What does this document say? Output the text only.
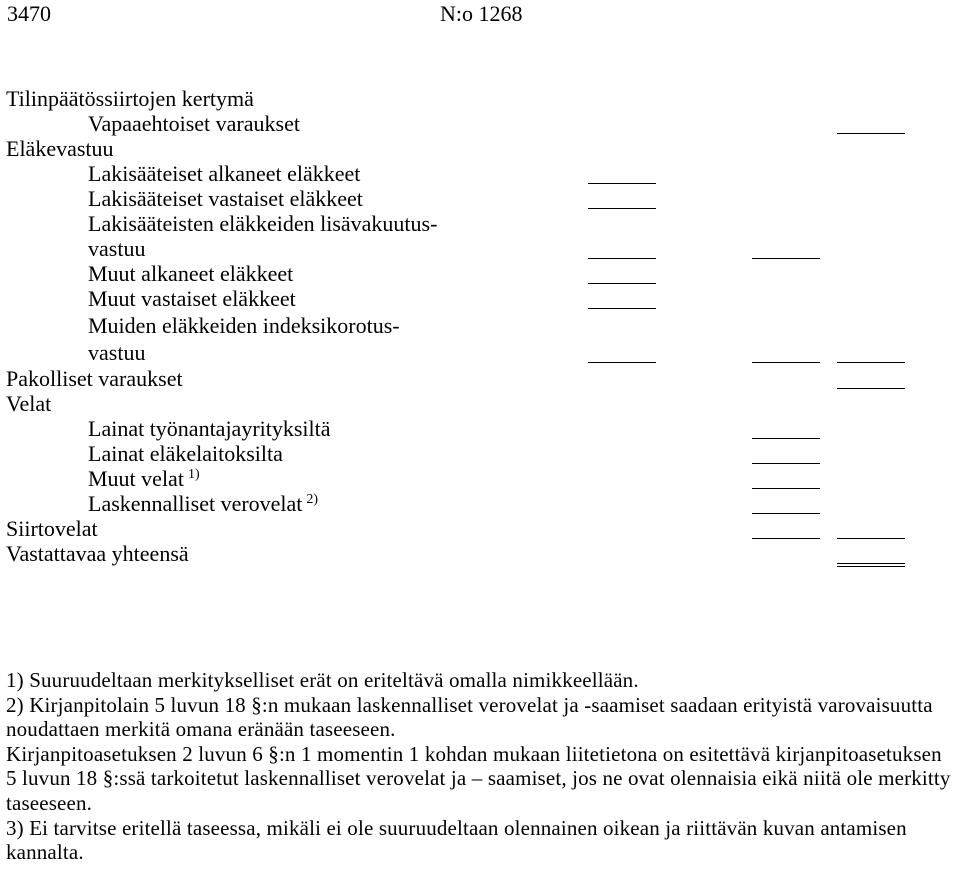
3470	N:o 1268
Tilinpäätössiirtojen kertymä
Vapaaehtoiset varaukset
Eläkevastuu
Lakisääteiset alkaneet eläkkeet
Lakisääteiset vastaiset eläkkeet
Lakisääteisten eläkkeiden lisävakuutus-
vastuu
Muut alkaneet eläkkeet
Muut vastaiset eläkkeet
Muiden eläkkeiden indeksikorotus-
vastuu
Pakolliset varaukset
Velat
Lainat työnantajayrityksiltä
Lainat eläkelaitoksilta
Muut velat $^{1)}$
Laskennalliset verovelat $^{2)}$
Siirtovelat
Vastattavaa yhteensä

1) Suuruudeltaan merkitykselliset erät on eriteltävä omalla nimikkeellään.

2) Kirjanpitolain 5 luvun 18 §:n mukaan laskennalliset verovelat ja -saamiset saadaan erityistä varovaisuutta noudattaen merkitä omana eränään taseeseen.

Kirjanpitoasetuksen 2 luvun 6 §:n 1 momentin 1 kohdan mukaan liitetietona on esitettävä kirjanpitoasetuksen 5 luvun 18 §:ssä tarkoitetut laskennalliset verovelat ja – saamiset, jos ne ovat olennaisia eikä niitä ole merkitty taseeseen.

3) Ei tarvitse eritellä taseessa, mikäli ei ole suuruudeltaan olennainen oikean ja riittävän kuvan antamisen kannalta.
